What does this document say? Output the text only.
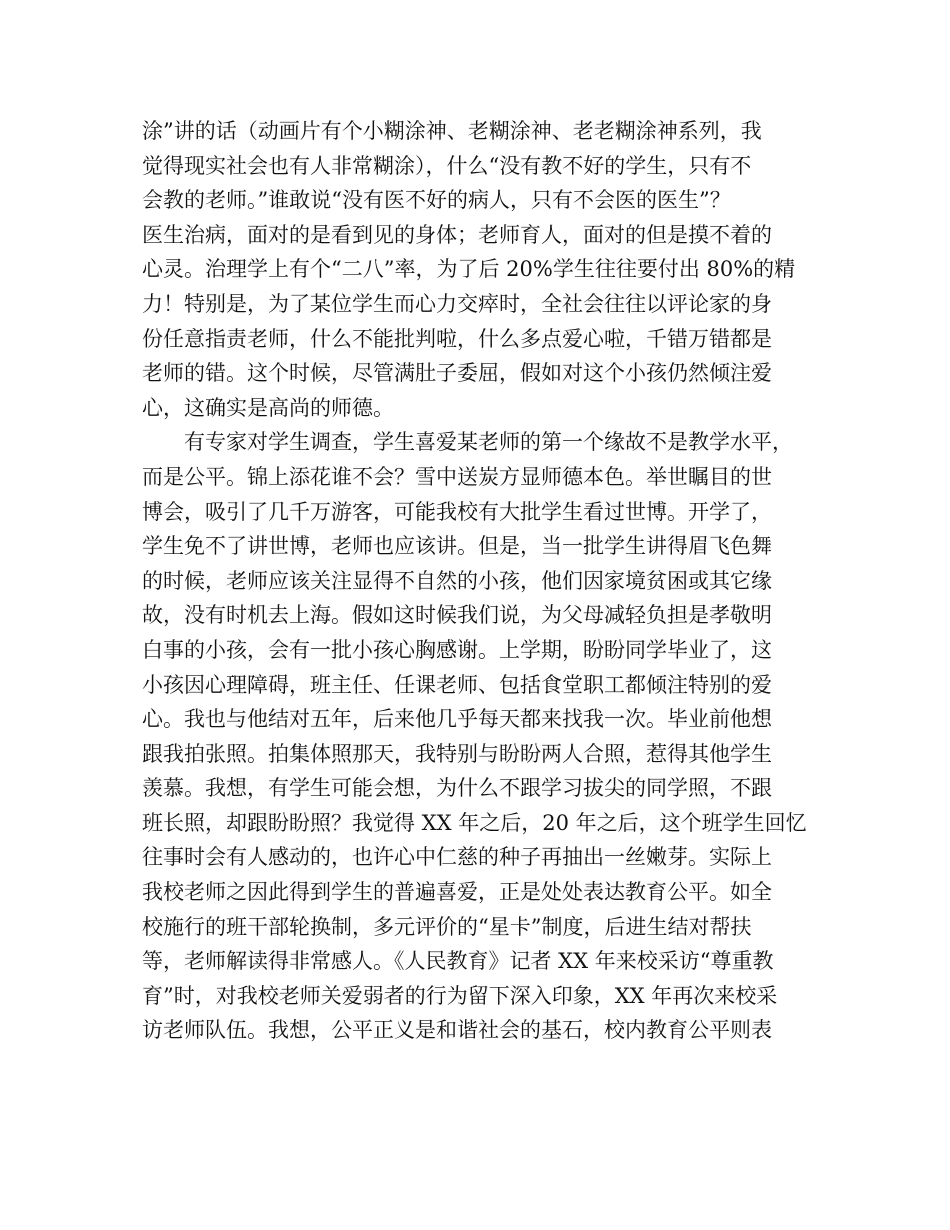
涂”讲的话（动画片有个小糊涂神、老糊涂神、老老糊涂神系列，我
觉得现实社会也有人非常糊涂），什么“没有教不好的学生，只有不
会教的老师。”谁敢说“没有医不好的病人，只有不会医的医生”？
医生治病，面对的是看到见的身体；老师育人，面对的但是摸不着的
心灵。治理学上有个“二八”率，为了后 20%学生往往要付出 80%的精
力！特别是，为了某位学生而心力交瘁时，全社会往往以评论家的身
份任意指责老师，什么不能批判啦，什么多点爱心啦，千错万错都是
老师的错。这个时候，尽管满肚子委屈，假如对这个小孩仍然倾注爱
心，这确实是高尚的师德。
　　有专家对学生调查，学生喜爱某老师的第一个缘故不是教学水平，
而是公平。锦上添花谁不会？雪中送炭方显师德本色。举世瞩目的世
博会，吸引了几千万游客，可能我校有大批学生看过世博。开学了，
学生免不了讲世博，老师也应该讲。但是，当一批学生讲得眉飞色舞
的时候，老师应该关注显得不自然的小孩，他们因家境贫困或其它缘
故，没有时机去上海。假如这时候我们说，为父母减轻负担是孝敬明
白事的小孩，会有一批小孩心胸感谢。上学期，盼盼同学毕业了，这
小孩因心理障碍，班主任、任课老师、包括食堂职工都倾注特别的爱
心。我也与他结对五年，后来他几乎每天都来找我一次。毕业前他想
跟我拍张照。拍集体照那天，我特别与盼盼两人合照，惹得其他学生
羡慕。我想，有学生可能会想，为什么不跟学习拔尖的同学照，不跟
班长照，却跟盼盼照？我觉得 XX 年之后，20 年之后，这个班学生回忆
往事时会有人感动的，也许心中仁慈的种子再抽出一丝嫩芽。实际上
我校老师之因此得到学生的普遍喜爱，正是处处表达教育公平。如全
校施行的班干部轮换制，多元评价的“星卡”制度，后进生结对帮扶
等，老师解读得非常感人。《人民教育》记者 XX 年来校采访“尊重教
育”时，对我校老师关爱弱者的行为留下深入印象，XX 年再次来校采
访老师队伍。我想，公平正义是和谐社会的基石，校内教育公平则表
